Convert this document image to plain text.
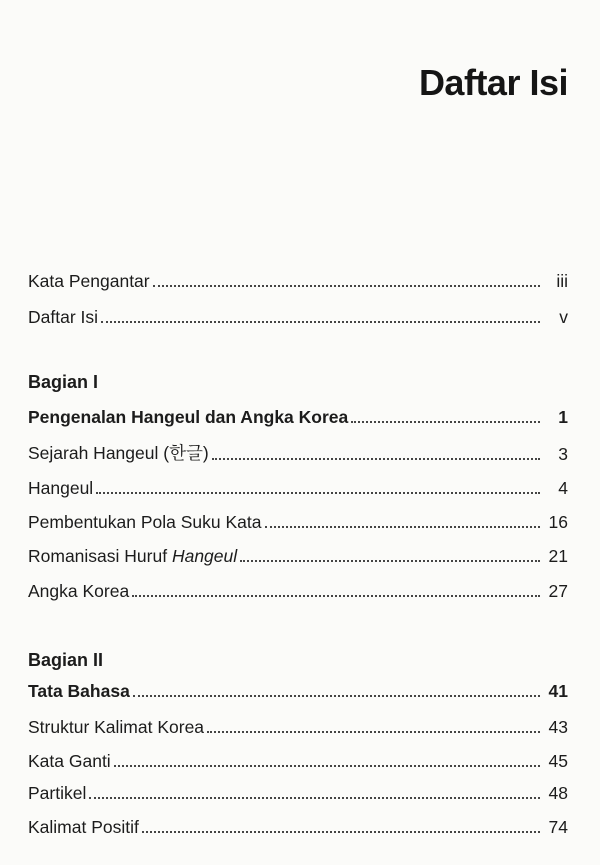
Daftar Isi
Kata Pengantar	iii
Daftar Isi	v
Bagian I
Pengenalan Hangeul dan Angka Korea	1
Sejarah Hangeul (한글)	3
Hangeul	4
Pembentukan Pola Suku Kata	16
Romanisasi Huruf Hangeul	21
Angka Korea	27
Bagian II
Tata Bahasa	41
Struktur Kalimat Korea	43
Kata Ganti	45
Partikel	48
Kalimat Positif	74
